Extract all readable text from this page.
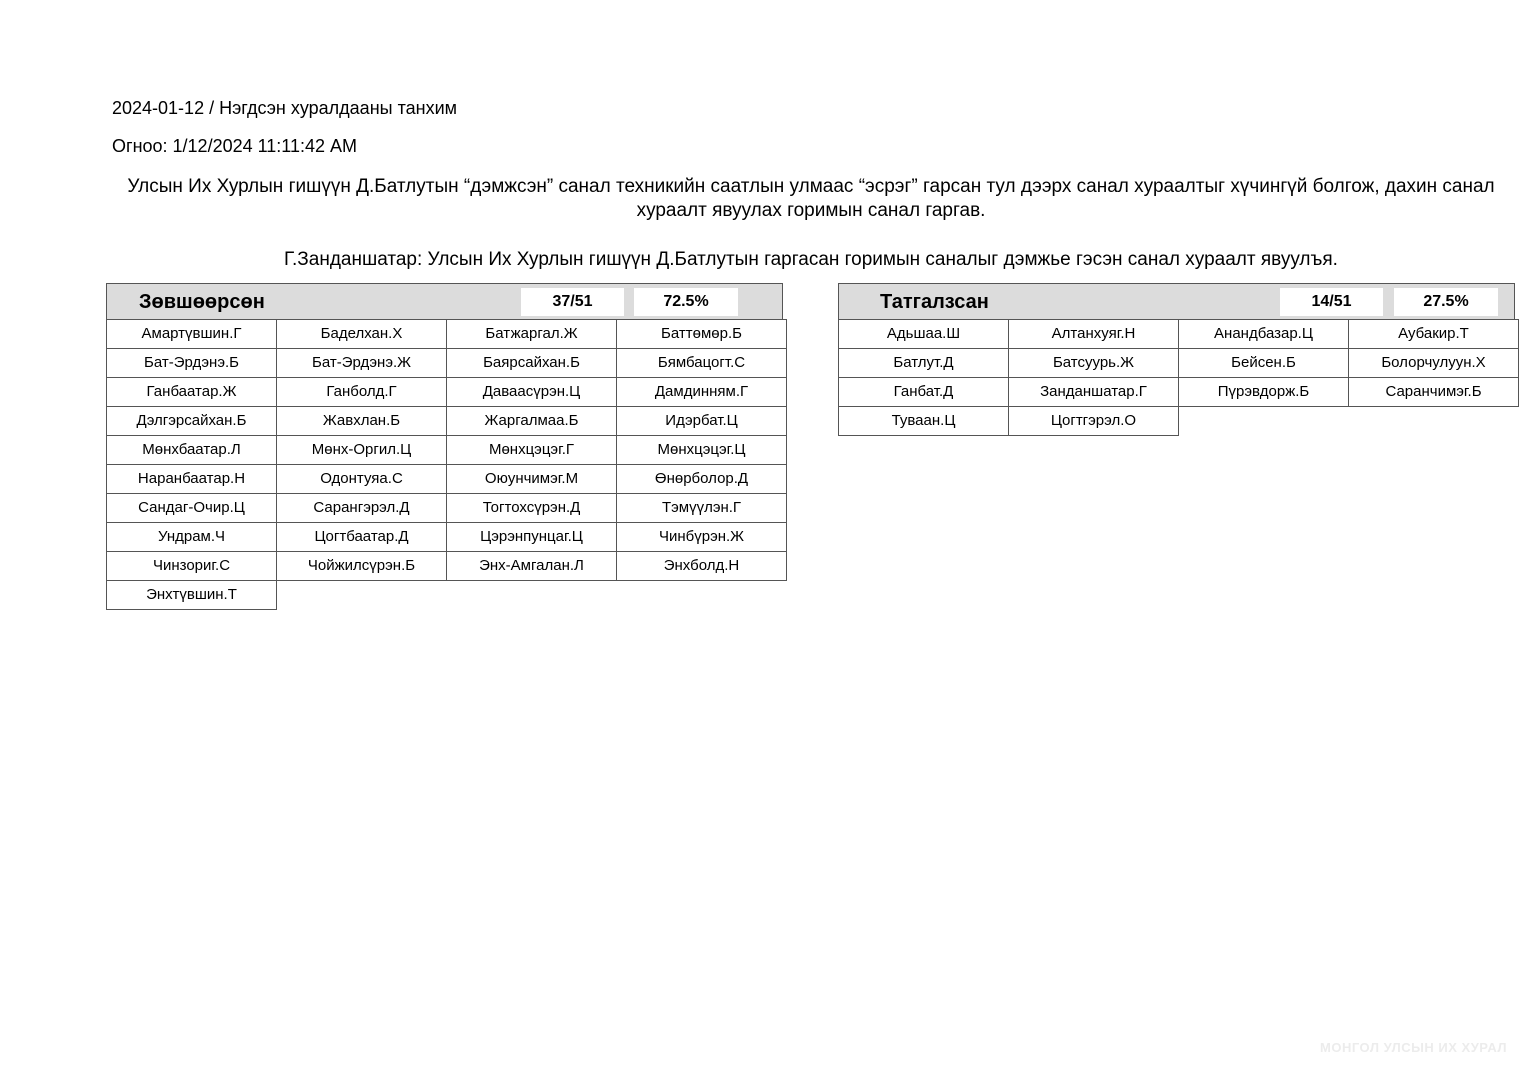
2024-01-12 / Нэгдсэн хуралдааны танхим
Огноо: 1/12/2024 11:11:42 AM
Улсын Их Хурлын гишүүн Д.Батлутын “дэмжсэн” санал техникийн саатлын улмаас “эсрэг” гарсан тул дээрх санал хураалтыг хүчингүй болгож, дахин санал хураалт явуулах горимын санал гаргав.
Г.Занданшатар: Улсын Их Хурлын гишүүн Д.Батлутын гаргасан горимын саналыг дэмжье гэсэн санал хураалт явуулъя.
Зөвшөөрсөн	37/51	72.5%
Амартүвшин.Г	Баделхан.Х	Батжаргал.Ж	Баттөмөр.Б
Бат-Эрдэнэ.Б	Бат-Эрдэнэ.Ж	Баярсайхан.Б	Бямбацогт.С
Ганбаатар.Ж	Ганболд.Г	Даваасүрэн.Ц	Дамдинням.Г
Дэлгэрсайхан.Б	Жавхлан.Б	Жаргалмаа.Б	Идэрбат.Ц
Мөнхбаатар.Л	Мөнх-Оргил.Ц	Мөнхцэцэг.Г	Мөнхцэцэг.Ц
Наранбаатар.Н	Одонтуяа.С	Оюунчимэг.М	Өнөрболор.Д
Сандаг-Очир.Ц	Сарангэрэл.Д	Тогтохсүрэн.Д	Тэмүүлэн.Г
Ундрам.Ч	Цогтбаатар.Д	Цэрэнпунцаг.Ц	Чинбүрэн.Ж
Чинзориг.С	Чойжилсүрэн.Б	Энх-Амгалан.Л	Энхболд.Н
Энхтүвшин.Т
Татгалзсан	14/51	27.5%
Адьшаа.Ш	Алтанхуяг.Н	Анандбазар.Ц	Аубакир.Т
Батлут.Д	Батсуурь.Ж	Бейсен.Б	Болорчулуун.Х
Ганбат.Д	Занданшатар.Г	Пүрэвдорж.Б	Саранчимэг.Б
Туваан.Ц	Цогтгэрэл.О
МОНГОЛ УЛСЫН ИХ ХУРАЛ
